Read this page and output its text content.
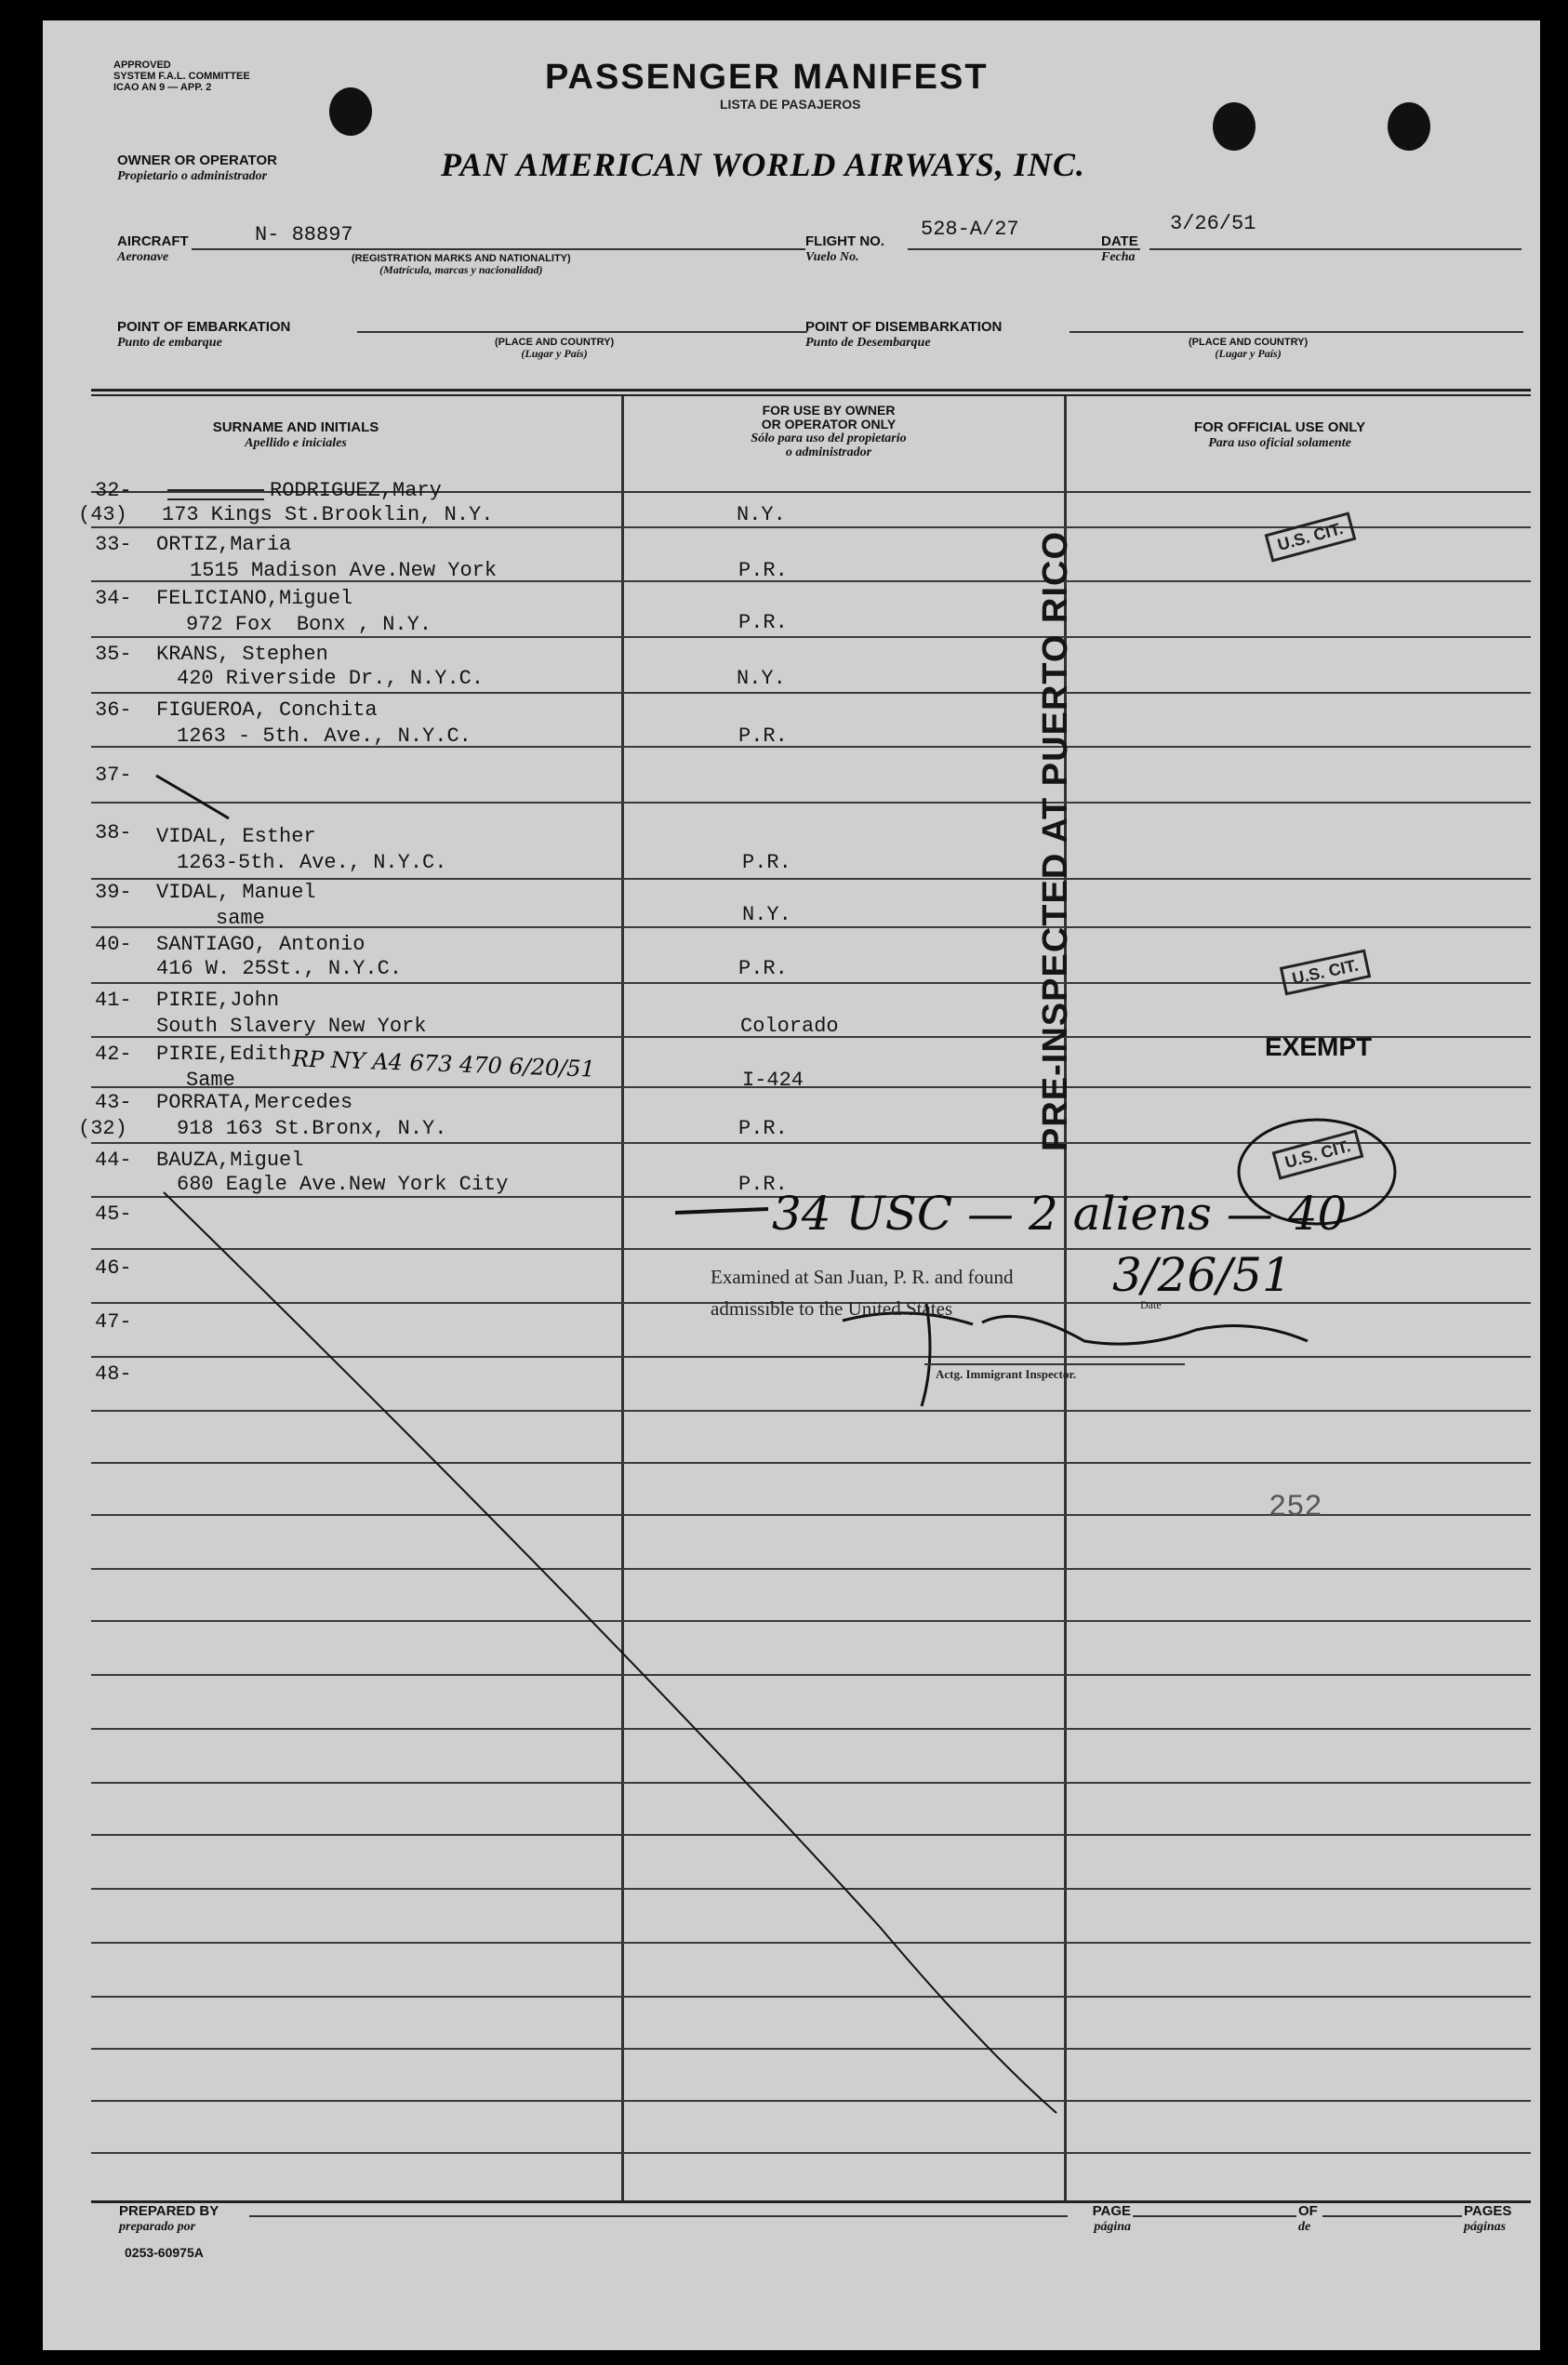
APPROVED
SYSTEM F.A.L. COMMITTEE
ICAO AN 9 — APP. 2	PASSENGER MANIFEST
LISTA DE PASAJEROS
OWNER OR OPERATOR
Propietario o administrador	PAN AMERICAN WORLD AIRWAYS, INC.
AIRCRAFT
Aeronave
N- 88897
(REGISTRATION MARKS AND NATIONALITY)
(Matrícula, marcas y nacionalidad)
FLIGHT NO.
Vuelo No.
528-A/27
DATE
Fecha
3/26/51
POINT OF EMBARKATION
Punto de embarque	(PLACE AND COUNTRY)
(Lugar y País)
POINT OF DISEMBARKATION
Punto de Desembarque	(PLACE AND COUNTRY)
(Lugar y País)
SURNAME AND INITIALS
Apellido e iniciales
FOR USE BY OWNER
OR OPERATOR ONLY
Sólo para uso del propietario
o administrador
FOR OFFICIAL USE ONLY
Para uso oficial solamente
32-
(43)
RODRIGUEZ,Mary
173 Kings St.Brooklin, N.Y.	N.Y.
33- ORTIZ,Maria
1515 Madison Ave.New York	P.R.
34- FELICIANO,Miguel
972 Fox  Bonx , N.Y.	P.R.
35- KRANS, Stephen
420 Riverside Dr., N.Y.C.	N.Y.
36- FIGUEROA, Conchita
1263 - 5th. Ave., N.Y.C.	P.R.
37-
38- VIDAL, Esther
1263-5th. Ave., N.Y.C.	P.R.
39- VIDAL, Manuel
same	N.Y.
40- SANTIAGO, Antonio
416 W. 25St., N.Y.C.	P.R.
41- PIRIE,John
South Slavery New York	Colorado
42- PIRIE,Edith
Same	I-424
43-
(32)
PORRATA,Mercedes
918 163 St.Bronx, N.Y.	P.R.
44- BAUZA,Miguel
680 Eagle Ave.New York City	P.R.
45-
46-
47-
48-
PRE-INSPECTED AT PUERTO RICO	U.S. CIT.
U.S. CIT.
U.S. CIT.
EXEMPT
RP NY A4 673 470 6/20/51
34 USC — 2 aliens — 40
Examined at San Juan, P. R. and found
admissible to the United States	Date
3/26/51
Actg. Immigrant Inspector.
252
PREPARED BY
preparado por
PAGE
página
OF
de
PAGES
páginas
0253-60975A
